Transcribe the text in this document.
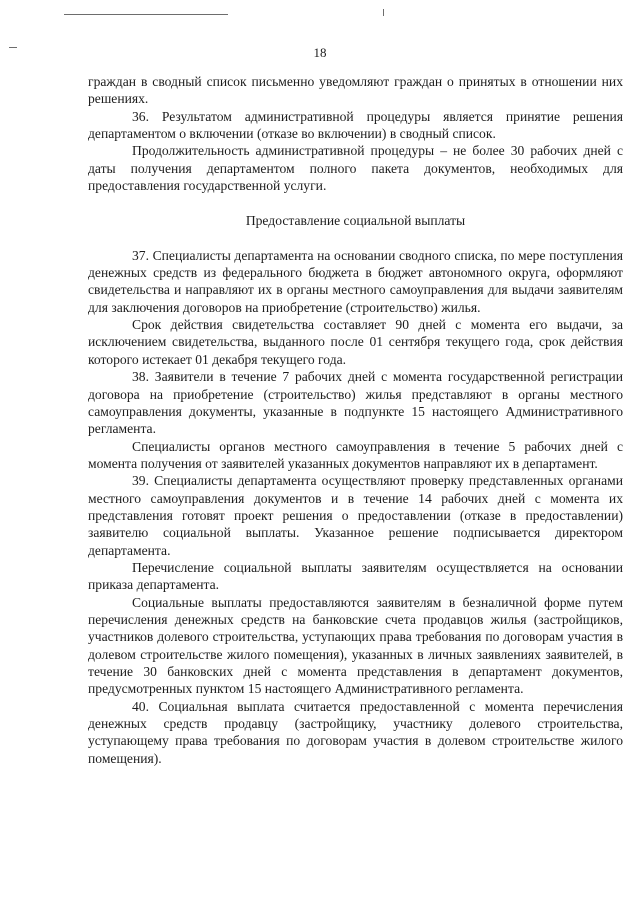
18

граждан в сводный список письменно уведомляют граждан о принятых в отношении них решениях.

36. Результатом административной процедуры является принятие решения департаментом о включении (отказе во включении) в сводный список.

Продолжительность административной процедуры – не более 30 рабочих дней с даты получения департаментом полного пакета документов, необходимых для предоставления государственной услуги.

Предоставление социальной выплаты

37. Специалисты департамента на основании сводного списка, по мере поступления денежных средств из федерального бюджета в бюджет автономного округа, оформляют свидетельства и направляют их в органы местного самоуправления для выдачи заявителям для заключения договоров на приобретение (строительство) жилья.

Срок действия свидетельства составляет 90 дней с момента его выдачи, за исключением свидетельства, выданного после 01 сентября текущего года, срок действия которого истекает 01 декабря текущего года.

38. Заявители в течение 7 рабочих дней с момента государственной регистрации договора на приобретение (строительство) жилья представляют в органы местного самоуправления документы, указанные в подпункте 15 настоящего Административного регламента.

Специалисты органов местного самоуправления в течение 5 рабочих дней с момента получения от заявителей указанных документов направляют их в департамент.

39. Специалисты департамента осуществляют проверку представленных органами местного самоуправления документов и в течение 14 рабочих дней с момента их представления готовят проект решения о предоставлении (отказе в предоставлении) заявителю социальной выплаты. Указанное решение подписывается директором департамента.

Перечисление социальной выплаты заявителям осуществляется на основании приказа департамента.

Социальные выплаты предоставляются заявителям в безналичной форме путем перечисления денежных средств на банковские счета продавцов жилья (застройщиков, участников долевого строительства, уступающих права требования по договорам участия в долевом строительстве жилого помещения), указанных в личных заявлениях заявителей, в течение 30 банковских дней с момента представления в департамент документов, предусмотренных пунктом 15 настоящего Административного регламента.

40. Социальная выплата считается предоставленной с момента перечисления денежных средств продавцу (застройщику, участнику долевого строительства, уступающему права требования по договорам участия в долевом строительстве жилого помещения).
